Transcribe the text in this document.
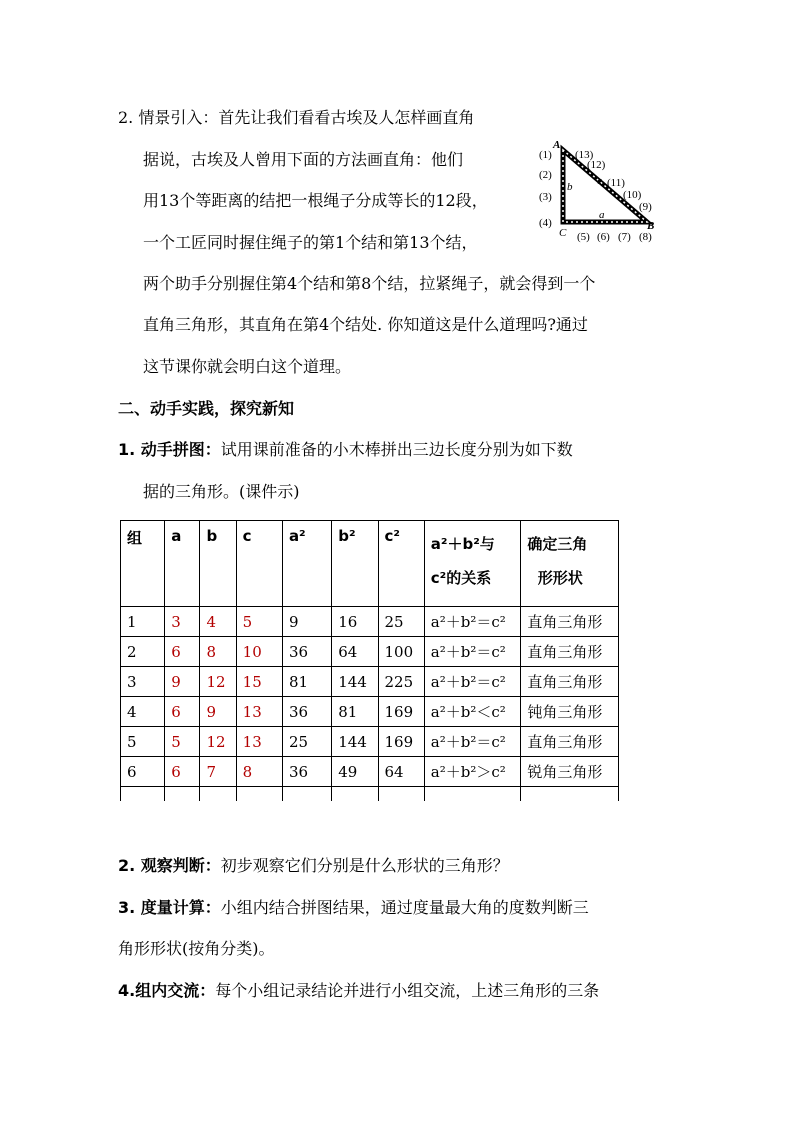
2. 情景引入：首先让我们看看古埃及人怎样画直角
据说，古埃及人曾用下面的方法画直角：他们
用13个等距离的结把一根绳子分成等长的12段，
一个工匠同时握住绳子的第1个结和第13个结，
两个助手分别握住第4个结和第8个结，拉紧绳子，就会得到一个
直角三角形，其直角在第4个结处. 你知道这是什么道理吗?通过
这节课你就会明白这个道理。
A
B
C
a
b c
(1)
(2)
(3)
(4)
(5) (6) (7) (8)
(9)
(10)
(11)
(12)
(13)
二、动手实践，探究新知
1. 动手拼图：试用课前准备的小木棒拼出三边长度分别为如下数
据的三角形。(课件示)
组	a	b	c	a²	b²	c²	a²＋b²与
c²的关系	确定三角
形形状
1	3	4	5	9	16	25	a²＋b²＝c²	直角三角形
2	6	8	10	36	64	100	a²＋b²＝c²	直角三角形
3	9	12	15	81	144	225	a²＋b²＝c²	直角三角形
4	6	9	13	36	81	169	a²＋b²＜c²	钝角三角形
5	5	12	13	25	144	169	a²＋b²＝c²	直角三角形
6	6	7	8	36	49	64	a²＋b²＞c²	锐角三角形

2. 观察判断：初步观察它们分别是什么形状的三角形？
3. 度量计算：小组内结合拼图结果，通过度量最大角的度数判断三
角形形状(按角分类)。
4.组内交流：每个小组记录结论并进行小组交流，上述三角形的三条
